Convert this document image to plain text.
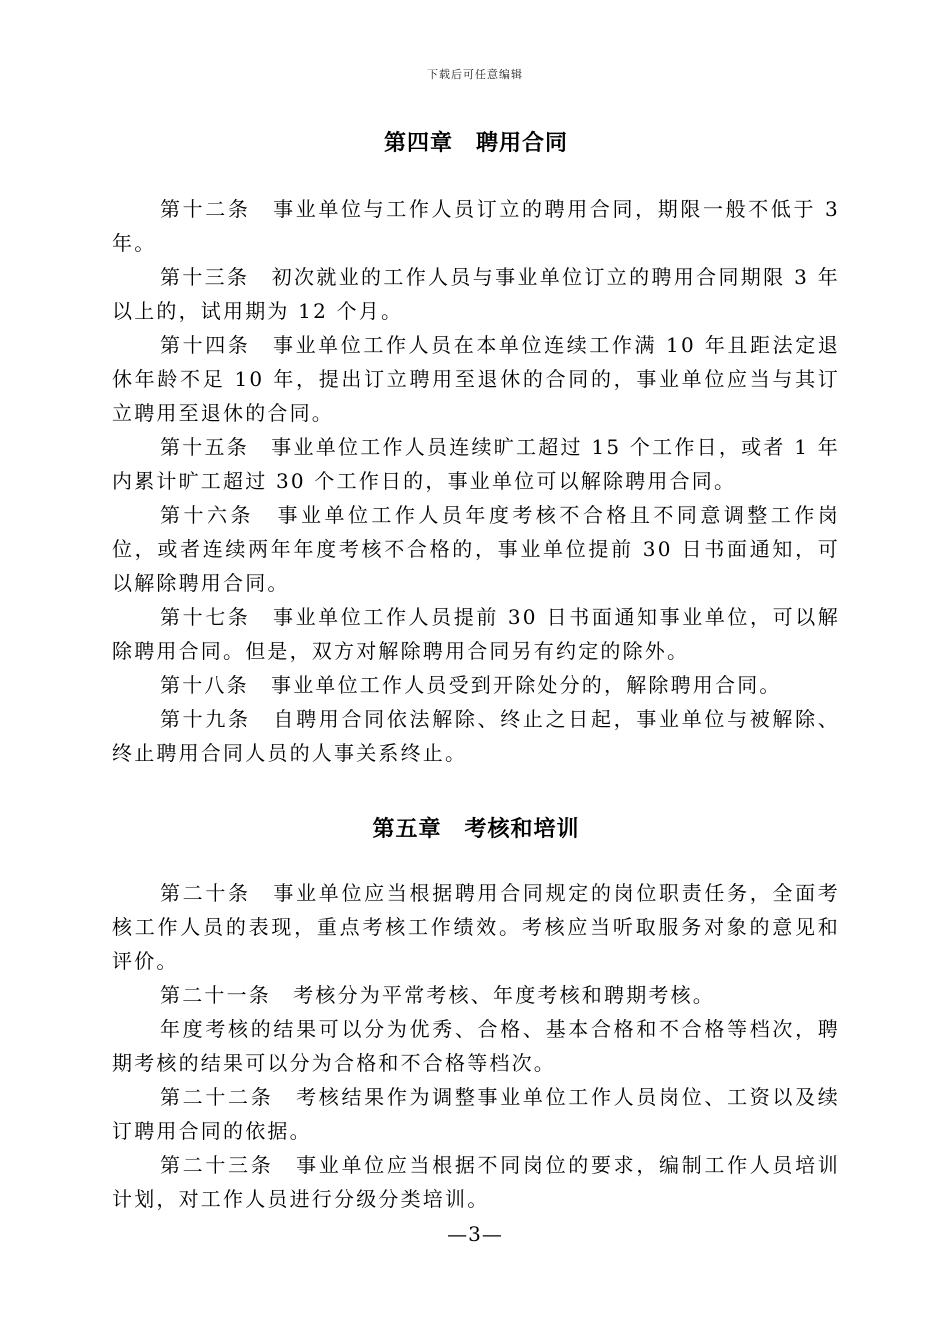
下载后可任意编辑
第四章　聘用合同

第十二条　事业单位与工作人员订立的聘用合同，期限一般不低于 3 年。

第十三条　初次就业的工作人员与事业单位订立的聘用合同期限 3 年以上的，试用期为 12 个月。

第十四条　事业单位工作人员在本单位连续工作满 10 年且距法定退休年龄不足 10 年，提出订立聘用至退休的合同的，事业单位应当与其订立聘用至退休的合同。

第十五条　事业单位工作人员连续旷工超过 15 个工作日，或者 1 年内累计旷工超过 30 个工作日的，事业单位可以解除聘用合同。

第十六条　事业单位工作人员年度考核不合格且不同意调整工作岗位，或者连续两年年度考核不合格的，事业单位提前 30 日书面通知，可以解除聘用合同。

第十七条　事业单位工作人员提前 30 日书面通知事业单位，可以解除聘用合同。但是，双方对解除聘用合同另有约定的除外。

第十八条　事业单位工作人员受到开除处分的，解除聘用合同。

第十九条　自聘用合同依法解除、终止之日起，事业单位与被解除、终止聘用合同人员的人事关系终止。

第五章　考核和培训

第二十条　事业单位应当根据聘用合同规定的岗位职责任务，全面考核工作人员的表现，重点考核工作绩效。考核应当听取服务对象的意见和评价。

第二十一条　考核分为平常考核、年度考核和聘期考核。

年度考核的结果可以分为优秀、合格、基本合格和不合格等档次，聘期考核的结果可以分为合格和不合格等档次。

第二十二条　考核结果作为调整事业单位工作人员岗位、工资以及续订聘用合同的依据。

第二十三条　事业单位应当根据不同岗位的要求，编制工作人员培训计划，对工作人员进行分级分类培训。

—3—
